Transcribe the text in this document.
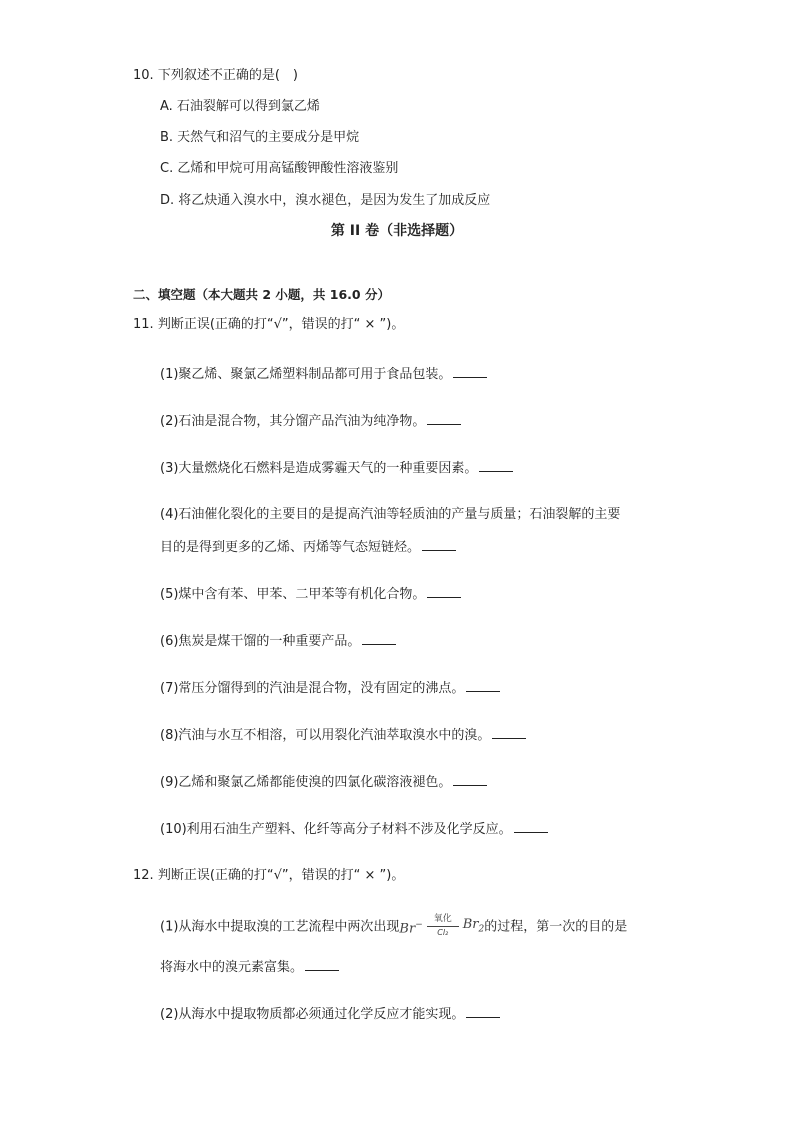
10. 下列叙述不正确的是(　)
A. 石油裂解可以得到氯乙烯
B. 天然气和沼气的主要成分是甲烷
C. 乙烯和甲烷可用高锰酸钾酸性溶液鉴别
D. 将乙炔通入溴水中，溴水褪色，是因为发生了加成反应
第 II 卷（非选择题）
二、填空题（本大题共 2 小题，共 16.0 分）
11. 判断正误(正确的打“√”，错误的打“ × ”)。
(1)聚乙烯、聚氯乙烯塑料制品都可用于食品包装。
(2)石油是混合物，其分馏产品汽油为纯净物。
(3)大量燃烧化石燃料是造成雾霾天气的一种重要因素。
(4)石油催化裂化的主要目的是提高汽油等轻质油的产量与质量；石油裂解的主要
目的是得到更多的乙烯、丙烯等气态短链烃。
(5)煤中含有苯、甲苯、二甲苯等有机化合物。
(6)焦炭是煤干馏的一种重要产品。
(7)常压分馏得到的汽油是混合物，没有固定的沸点。
(8)汽油与水互不相溶，可以用裂化汽油萃取溴水中的溴。
(9)乙烯和聚氯乙烯都能使溴的四氯化碳溶液褪色。
(10)利用石油生产塑料、化纤等高分子材料不涉及化学反应。
12. 判断正误(正确的打“√”，错误的打“ × ”)。
(1)从海水中提取溴的工艺流程中两次出现Br−
氧化
Cl₂
$Br_2$的过程，第一次的目的是
将海水中的溴元素富集。
(2)从海水中提取物质都必须通过化学反应才能实现。
